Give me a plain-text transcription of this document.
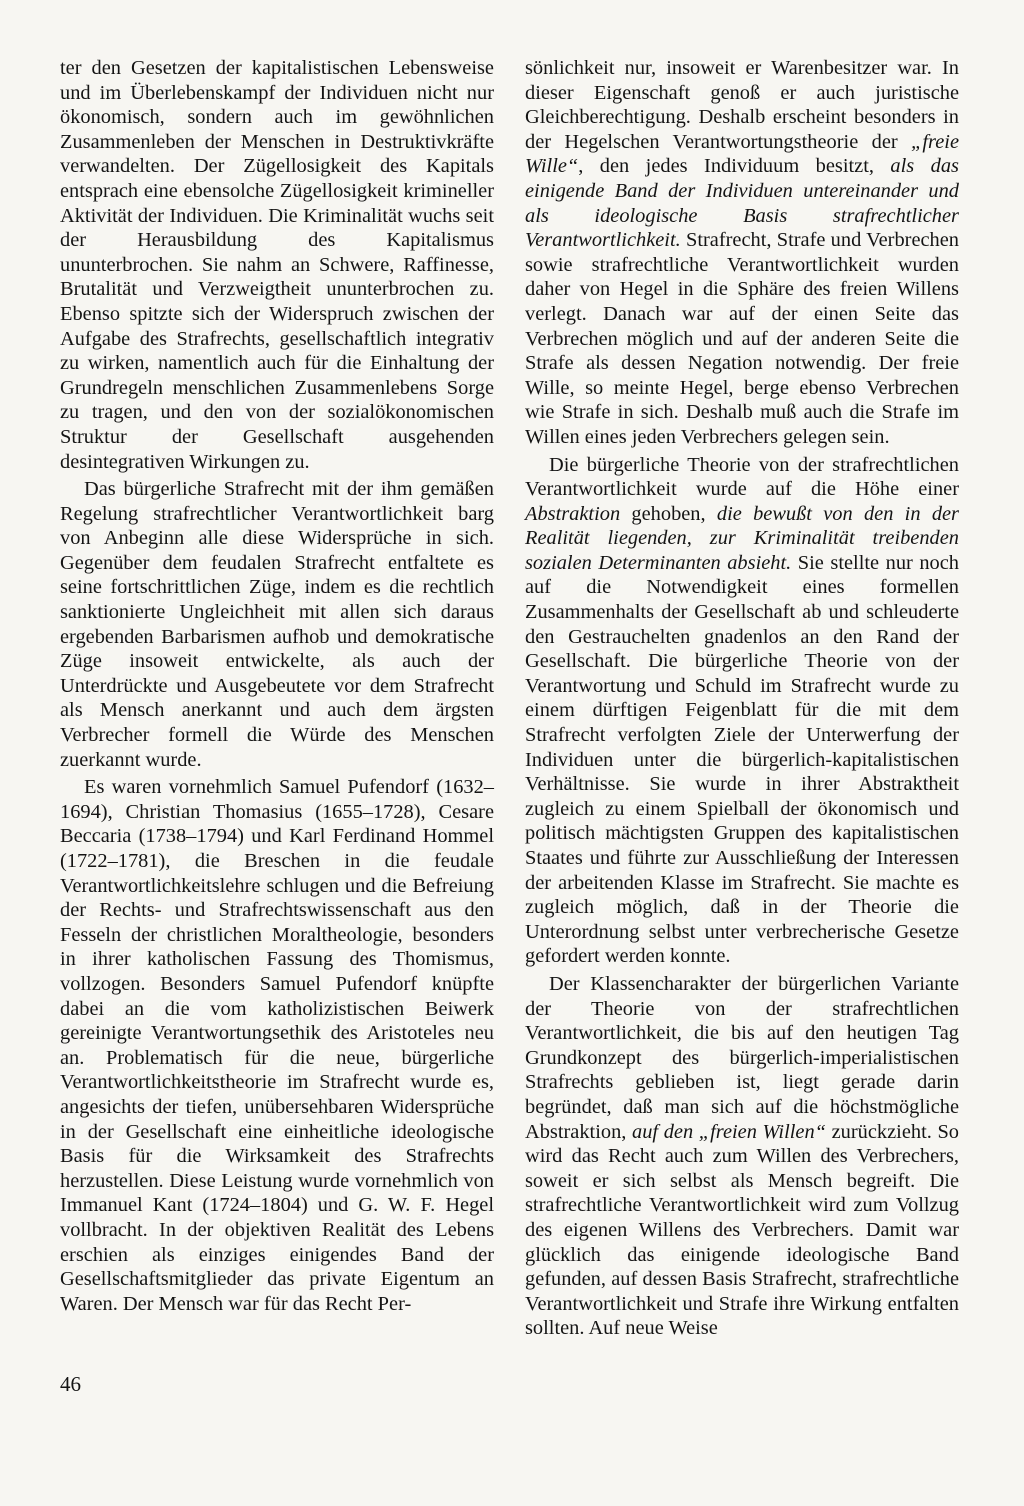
ter den Gesetzen der kapitalistischen Lebensweise und im Überlebenskampf der Individuen nicht nur ökonomisch, sondern auch im gewöhnlichen Zusammenleben der Menschen in Destruktivkräfte verwandelten. Der Zügellosigkeit des Kapitals entsprach eine ebensolche Zügellosigkeit krimineller Aktivität der Individuen. Die Kriminalität wuchs seit der Herausbildung des Kapitalismus ununterbrochen. Sie nahm an Schwere, Raffinesse, Brutalität und Verzweigtheit ununterbrochen zu. Ebenso spitzte sich der Widerspruch zwischen der Aufgabe des Strafrechts, gesellschaftlich integrativ zu wirken, namentlich auch für die Einhaltung der Grundregeln menschlichen Zusammenlebens Sorge zu tragen, und den von der sozialökonomischen Struktur der Gesellschaft ausgehenden desintegrativen Wirkungen zu.

Das bürgerliche Strafrecht mit der ihm gemäßen Regelung strafrechtlicher Verantwortlichkeit barg von Anbeginn alle diese Widersprüche in sich. Gegenüber dem feudalen Strafrecht entfaltete es seine fortschrittlichen Züge, indem es die rechtlich sanktionierte Ungleichheit mit allen sich daraus ergebenden Barbarismen aufhob und demokratische Züge insoweit entwickelte, als auch der Unterdrückte und Ausgebeutete vor dem Strafrecht als Mensch anerkannt und auch dem ärgsten Verbrecher formell die Würde des Menschen zuerkannt wurde.

Es waren vornehmlich Samuel Pufendorf (1632–1694), Christian Thomasius (1655–1728), Cesare Beccaria (1738–1794) und Karl Ferdinand Hommel (1722–1781), die Breschen in die feudale Verantwortlichkeitslehre schlugen und die Befreiung der Rechts- und Strafrechtswissenschaft aus den Fesseln der christlichen Moraltheologie, besonders in ihrer katholischen Fassung des Thomismus, vollzogen. Besonders Samuel Pufendorf knüpfte dabei an die vom katholizistischen Beiwerk gereinigte Verantwortungsethik des Aristoteles neu an. Problematisch für die neue, bürgerliche Verantwortlichkeitstheorie im Strafrecht wurde es, angesichts der tiefen, unübersehbaren Widersprüche in der Gesellschaft eine einheitliche ideologische Basis für die Wirksamkeit des Strafrechts herzustellen. Diese Leistung wurde vornehmlich von Immanuel Kant (1724–1804) und G. W. F. Hegel vollbracht. In der objektiven Realität des Lebens erschien als einziges einigendes Band der Gesellschaftsmitglieder das private Eigentum an Waren. Der Mensch war für das Recht Per-

sönlichkeit nur, insoweit er Warenbesitzer war. In dieser Eigenschaft genoß er auch juristische Gleichberechtigung. Deshalb erscheint besonders in der Hegelschen Verantwortungstheorie der „freie Wille“, den jedes Individuum besitzt, als das einigende Band der Individuen untereinander und als ideologische Basis strafrechtlicher Verantwortlichkeit. Strafrecht, Strafe und Verbrechen sowie strafrechtliche Verantwortlichkeit wurden daher von Hegel in die Sphäre des freien Willens verlegt. Danach war auf der einen Seite das Verbrechen möglich und auf der anderen Seite die Strafe als dessen Negation notwendig. Der freie Wille, so meinte Hegel, berge ebenso Verbrechen wie Strafe in sich. Deshalb muß auch die Strafe im Willen eines jeden Verbrechers gelegen sein.

Die bürgerliche Theorie von der strafrechtlichen Verantwortlichkeit wurde auf die Höhe einer Abstraktion gehoben, die bewußt von den in der Realität liegenden, zur Kriminalität treibenden sozialen Determinanten absieht. Sie stellte nur noch auf die Notwendigkeit eines formellen Zusammenhalts der Gesellschaft ab und schleuderte den Gestrauchelten gnadenlos an den Rand der Gesellschaft. Die bürgerliche Theorie von der Verantwortung und Schuld im Strafrecht wurde zu einem dürftigen Feigenblatt für die mit dem Strafrecht verfolgten Ziele der Unterwerfung der Individuen unter die bürgerlich-kapitalistischen Verhältnisse. Sie wurde in ihrer Abstraktheit zugleich zu einem Spielball der ökonomisch und politisch mächtigsten Gruppen des kapitalistischen Staates und führte zur Ausschließung der Interessen der arbeitenden Klasse im Strafrecht. Sie machte es zugleich möglich, daß in der Theorie die Unterordnung selbst unter verbrecherische Gesetze gefordert werden konnte.

Der Klassencharakter der bürgerlichen Variante der Theorie von der strafrechtlichen Verantwortlichkeit, die bis auf den heutigen Tag Grundkonzept des bürgerlich-imperialistischen Strafrechts geblieben ist, liegt gerade darin begründet, daß man sich auf die höchstmögliche Abstraktion, auf den „freien Willen“ zurückzieht. So wird das Recht auch zum Willen des Verbrechers, soweit er sich selbst als Mensch begreift. Die strafrechtliche Verantwortlichkeit wird zum Vollzug des eigenen Willens des Verbrechers. Damit war glücklich das einigende ideologische Band gefunden, auf dessen Basis Strafrecht, strafrechtliche Verantwortlichkeit und Strafe ihre Wirkung entfalten sollten. Auf neue Weise

46
